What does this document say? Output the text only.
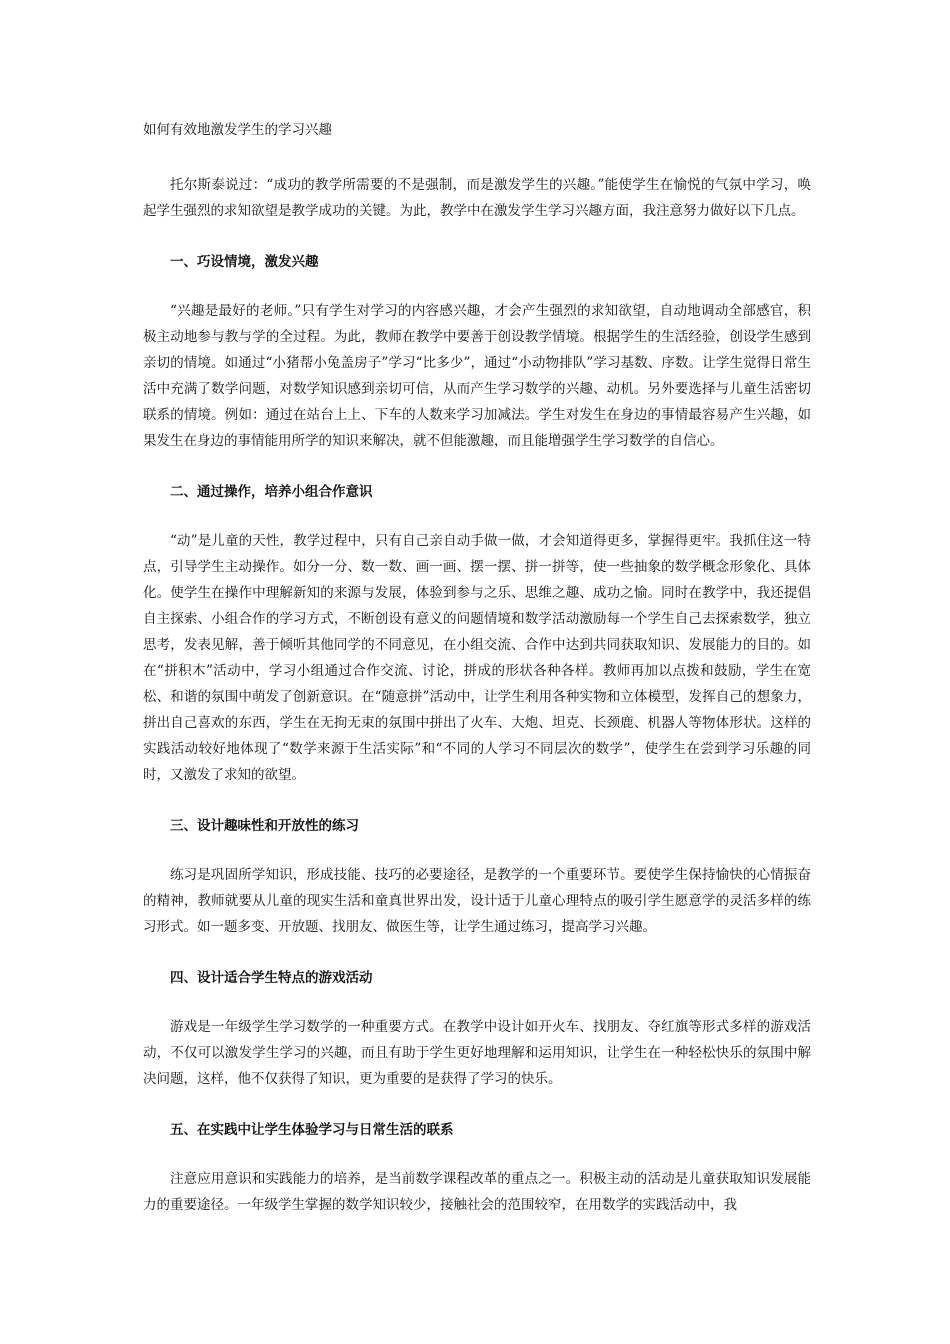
如何有效地激发学生的学习兴趣

托尔斯泰说过：“成功的教学所需要的不是强制，而是激发学生的兴趣。”能使学生在愉悦的气氛中学习，唤起学生强烈的求知欲望是教学成功的关键。为此，教学中在激发学生学习兴趣方面，我注意努力做好以下几点。

一、巧设情境，激发兴趣

“兴趣是最好的老师。”只有学生对学习的内容感兴趣，才会产生强烈的求知欲望，自动地调动全部感官，积极主动地参与教与学的全过程。为此，教师在教学中要善于创设教学情境。根据学生的生活经验，创设学生感到亲切的情境。如通过“小猪帮小兔盖房子”学习“比多少”，通过“小动物排队”学习基数、序数。让学生觉得日常生活中充满了数学问题，对数学知识感到亲切可信，从而产生学习数学的兴趣、动机。另外要选择与儿童生活密切联系的情境。例如：通过在站台上上、下车的人数来学习加减法。学生对发生在身边的事情最容易产生兴趣，如果发生在身边的事情能用所学的知识来解决，就不但能激趣，而且能增强学生学习数学的自信心。

二、通过操作，培养小组合作意识

“动”是儿童的天性，教学过程中，只有自己亲自动手做一做，才会知道得更多，掌握得更牢。我抓住这一特点，引导学生主动操作。如分一分、数一数、画一画、摆一摆、拼一拼等，使一些抽象的数学概念形象化、具体化。使学生在操作中理解新知的来源与发展，体验到参与之乐、思维之趣、成功之愉。同时在教学中，我还提倡自主探索、小组合作的学习方式，不断创设有意义的问题情境和数学活动激励每一个学生自己去探索数学，独立思考，发表见解，善于倾听其他同学的不同意见，在小组交流、合作中达到共同获取知识、发展能力的目的。如在“拼积木”活动中，学习小组通过合作交流、讨论，拼成的形状各种各样。教师再加以点拨和鼓励，学生在宽松、和谐的氛围中萌发了创新意识。在“随意拼”活动中，让学生利用各种实物和立体模型，发挥自己的想象力，拼出自己喜欢的东西，学生在无拘无束的氛围中拼出了火车、大炮、坦克、长颈鹿、机器人等物体形状。这样的实践活动较好地体现了“数学来源于生活实际”和“不同的人学习不同层次的数学”，使学生在尝到学习乐趣的同时，又激发了求知的欲望。

三、设计趣味性和开放性的练习

练习是巩固所学知识，形成技能、技巧的必要途径，是教学的一个重要环节。要使学生保持愉快的心情振奋的精神，教师就要从儿童的现实生活和童真世界出发，设计适于儿童心理特点的吸引学生愿意学的灵活多样的练习形式。如一题多变、开放题、找朋友、做医生等，让学生通过练习，提高学习兴趣。

四、设计适合学生特点的游戏活动

游戏是一年级学生学习数学的一种重要方式。在教学中设计如开火车、找朋友、夺红旗等形式多样的游戏活动，不仅可以激发学生学习的兴趣，而且有助于学生更好地理解和运用知识，让学生在一种轻松快乐的氛围中解决问题，这样，他不仅获得了知识，更为重要的是获得了学习的快乐。

五、在实践中让学生体验学习与日常生活的联系

注意应用意识和实践能力的培养，是当前数学课程改革的重点之一。积极主动的活动是儿童获取知识发展能力的重要途径。一年级学生掌握的数学知识较少，接触社会的范围较窄，在用数学的实践活动中，我
